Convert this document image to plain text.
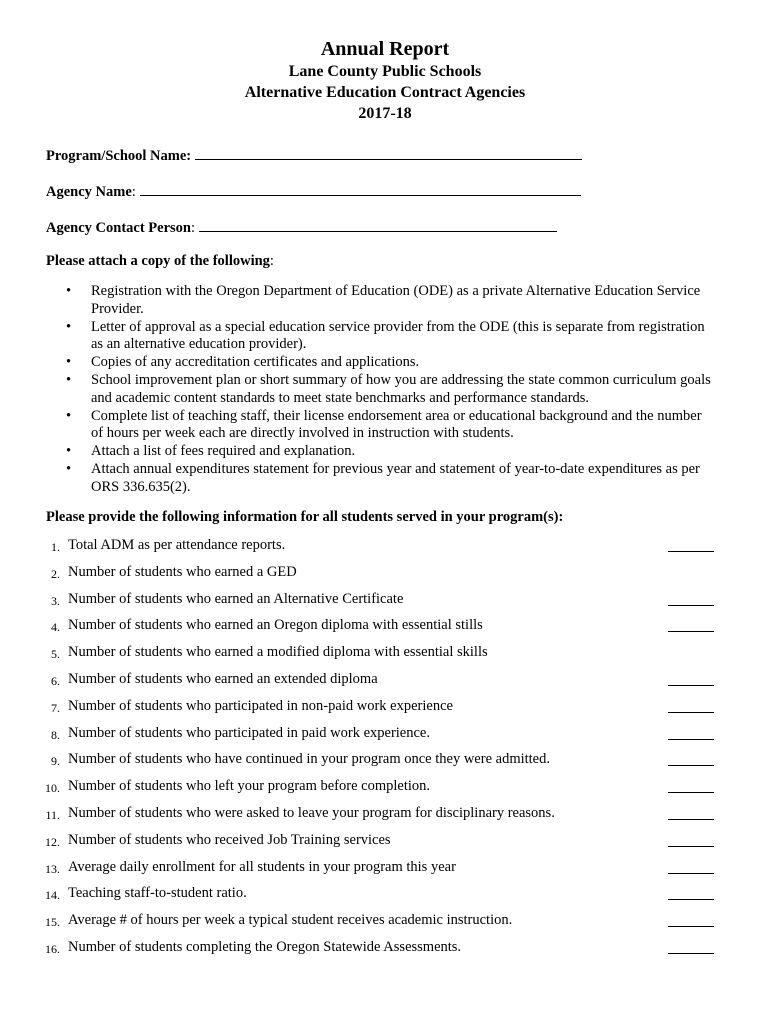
Annual Report
Lane County Public Schools
Alternative Education Contract Agencies
2017-18
Program/School Name:
Agency Name:
Agency Contact Person:
Please attach a copy of the following:
• Registration with the Oregon Department of Education (ODE) as a private Alternative Education Service Provider.
• Letter of approval as a special education service provider from the ODE (this is separate from registration as an alternative education provider).
• Copies of any accreditation certificates and applications.
• School improvement plan or short summary of how you are addressing the state common curriculum goals and academic content standards to meet state benchmarks and performance standards.
• Complete list of teaching staff, their license endorsement area or educational background and the number of hours per week each are directly involved in instruction with students.
• Attach a list of fees required and explanation.
• Attach annual expenditures statement for previous year and statement of year-to-date expenditures as per ORS 336.635(2).
Please provide the following information for all students served in your program(s):
1. Total ADM as per attendance reports.
2. Number of students who earned a GED
3. Number of students who earned an Alternative Certificate
4. Number of students who earned an Oregon diploma with essential stills
5. Number of students who earned a modified diploma with essential skills
6. Number of students who earned an extended diploma
7. Number of students who participated in non-paid work experience
8. Number of students who participated in paid work experience.
9. Number of students who have continued in your program once they were admitted.
10. Number of students who left your program before completion.
11. Number of students who were asked to leave your program for disciplinary reasons.
12. Number of students who received Job Training services
13. Average daily enrollment for all students in your program this year
14. Teaching staff-to-student ratio.
15. Average # of hours per week a typical student receives academic instruction.
16. Number of students completing the Oregon Statewide Assessments.
